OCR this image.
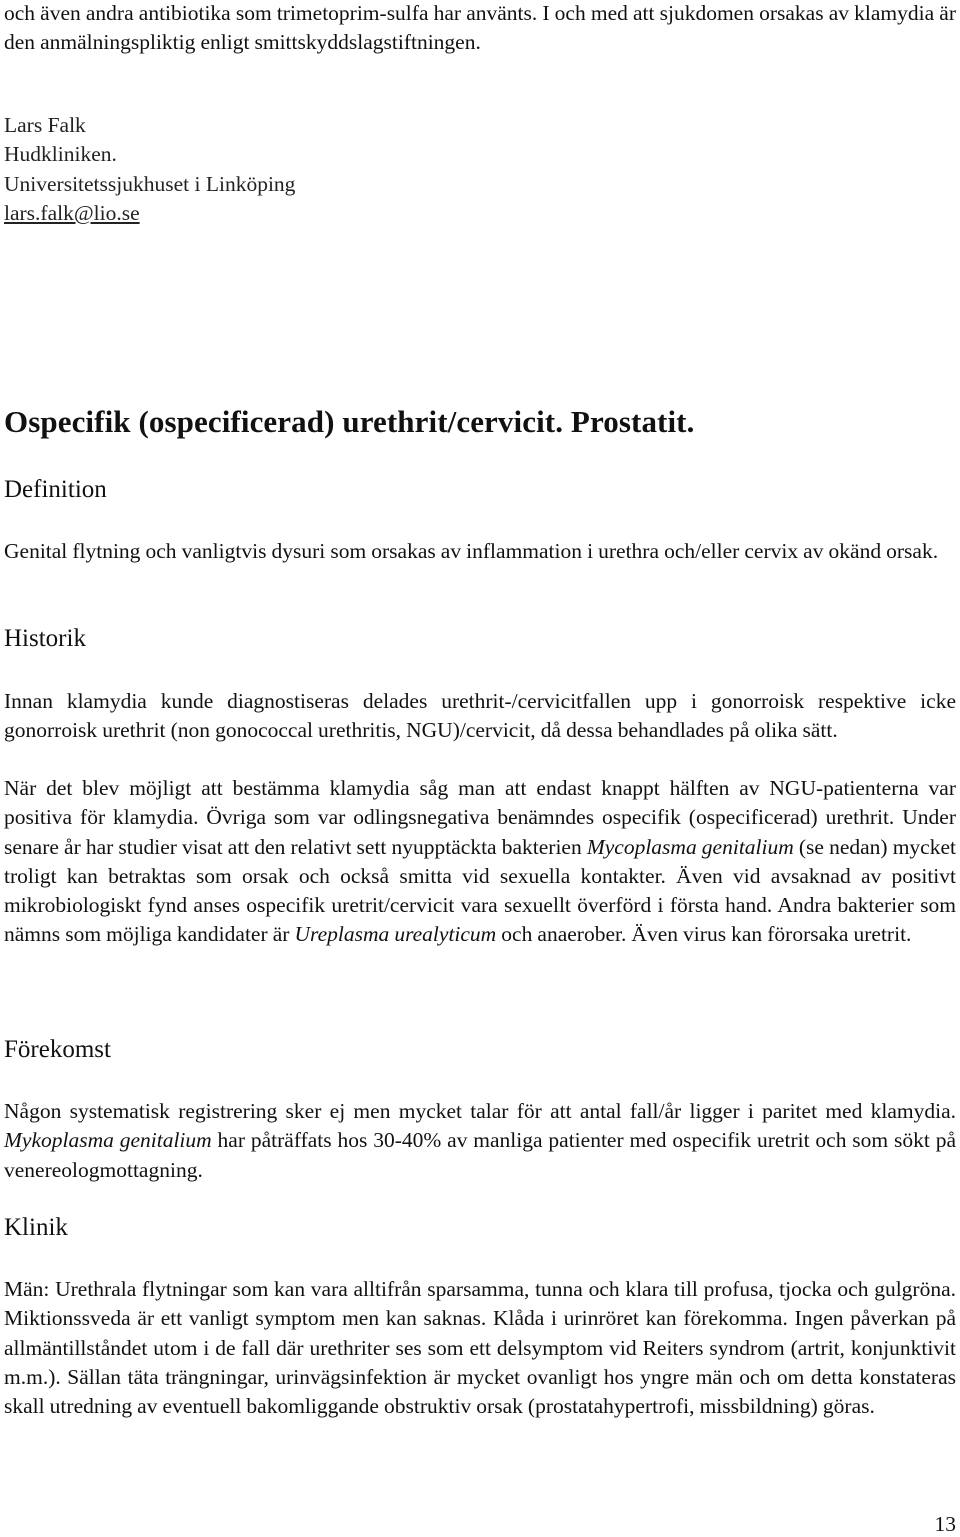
och även andra antibiotika som trimetoprim-sulfa har använts. I och med att sjukdomen orsakas av klamydia är den anmälningspliktig enligt smittskyddslagstiftningen.

Lars Falk
Hudkliniken.
Universitetssjukhuset i Linköping
lars.falk@lio.se
Ospecifik (ospecificerad) urethrit/cervicit. Prostatit.
Definition

Genital flytning och vanligtvis dysuri som orsakas av inflammation i urethra och/eller cervix av okänd orsak.

Historik

Innan klamydia kunde diagnostiseras delades urethrit-/cervicitfallen upp i gonorroisk respektive icke gonorroisk urethrit (non gonococcal urethritis, NGU)/cervicit, då dessa behandlades på olika sätt.

När det blev möjligt att bestämma klamydia såg man att endast knappt hälften av NGU-patienterna var positiva för klamydia. Övriga som var odlingsnegativa benämndes ospecifik (ospecificerad) urethrit. Under senare år har studier visat att den relativt sett nyupptäckta bakterien Mycoplasma genitalium (se nedan) mycket troligt kan betraktas som orsak och också smitta vid sexuella kontakter. Även vid avsaknad av positivt mikrobiologiskt fynd anses ospecifik uretrit/cervicit vara sexuellt överförd i första hand. Andra bakterier som nämns som möjliga kandidater är Ureplasma urealyticum och anaerober. Även virus kan förorsaka uretrit.

Förekomst

Någon systematisk registrering sker ej men mycket talar för att antal fall/år ligger i paritet med klamydia. Mykoplasma genitalium har påträffats hos 30-40% av manliga patienter med ospecifik uretrit och som sökt på venereologmottagning.

Klinik

Män: Urethrala flytningar som kan vara alltifrån sparsamma, tunna och klara till profusa, tjocka och gulgröna. Miktionssveda är ett vanligt symptom men kan saknas. Klåda i urinröret kan förekomma. Ingen påverkan på allmäntillståndet utom i de fall där urethriter ses som ett delsymptom vid Reiters syndrom (artrit, konjunktivit m.m.). Sällan täta trängningar, urinvägsinfektion är mycket ovanligt hos yngre män och om detta konstateras skall utredning av eventuell bakomliggande obstruktiv orsak (prostatahypertrofi, missbildning) göras.

13
